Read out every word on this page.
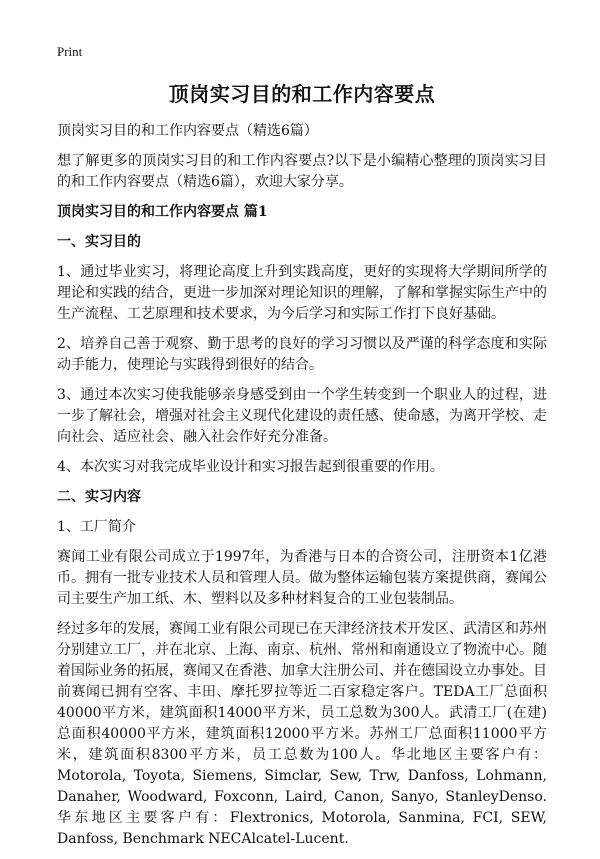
Print
顶岗实习目的和工作内容要点

顶岗实习目的和工作内容要点（精选6篇）

想了解更多的顶岗实习目的和工作内容要点?以下是小编精心整理的顶岗实习目的和工作内容要点（精选6篇），欢迎大家分享。

顶岗实习目的和工作内容要点 篇1
一、实习目的

1、通过毕业实习，将理论高度上升到实践高度，更好的实现将大学期间所学的理论和实践的结合，更进一步加深对理论知识的理解，了解和掌握实际生产中的生产流程、工艺原理和技术要求，为今后学习和实际工作打下良好基础。

2、培养自己善于观察、勤于思考的良好的学习习惯以及严谨的科学态度和实际动手能力，使理论与实践得到很好的结合。

3、通过本次实习使我能够亲身感受到由一个学生转变到一个职业人的过程，进一步了解社会，增强对社会主义现代化建设的责任感、使命感，为离开学校、走向社会、适应社会、融入社会作好充分准备。

4、本次实习对我完成毕业设计和实习报告起到很重要的作用。

二、实习内容

1、工厂简介

赛闻工业有限公司成立于1997年，为香港与日本的合资公司，注册资本1亿港币。拥有一批专业技术人员和管理人员。做为整体运输包装方案提供商，赛闻公司主要生产加工纸、木、塑料以及多种材料复合的工业包装制品。

经过多年的发展，赛闻工业有限公司现已在天津经济技术开发区、武清区和苏州分别建立工厂，并在北京、上海、南京、杭州、常州和南通设立了物流中心。随着国际业务的拓展，赛闻又在香港、加拿大注册公司、并在德国设立办事处。目前赛闻已拥有空客、丰田、摩托罗拉等近二百家稳定客户。TEDA工厂总面积40000平方米，建筑面积14000平方米，员工总数为300人。武清工厂(在建)总面积40000平方米，建筑面积12000平方米。苏州工厂总面积11000平方米，建筑面积8300平方米，员工总数为100人。华北地区主要客户有：Motorola, Toyota, Siemens, Simclar, Sew, Trw, Danfoss, Lohmann, Danaher, Woodward, Foxconn, Laird, Canon, Sanyo, StanleyDenso. 华东地区主要客户有：Flextronics, Motorola, Sanmina, FCI, SEW, Danfoss, Benchmark NECAlcatel-Lucent.
